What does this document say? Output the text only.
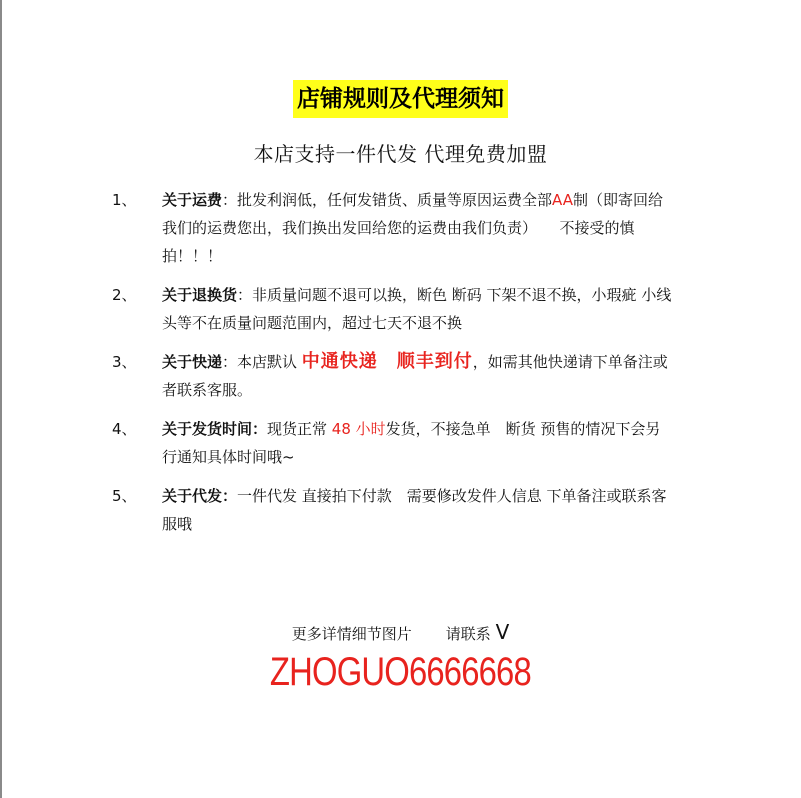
店铺规则及代理须知
本店支持一件代发 代理免费加盟
1、 关于运费：批发利润低，任何发错货、质量等原因运费全部AA制（即寄回给我们的运费您出，我们换出发回给您的运费由我们负责）　　不接受的慎拍！！！
2、 关于退换货：非质量问题不退可以换，断色 断码 下架不退不换，小瑕疵 小线头等不在质量问题范围内，超过七天不退不换
3、 关于快递：本店默认 中通快递　顺丰到付，如需其他快递请下单备注或者联系客服。
4、 关于发货时间：现货正常 48 小时发货，不接急单　断货 预售的情况下会另行通知具体时间哦~
5、 关于代发：一件代发 直接拍下付款　需要修改发件人信息 下单备注或联系客服哦
更多详情细节图片 请联系 V
ZHOGUO6666668
